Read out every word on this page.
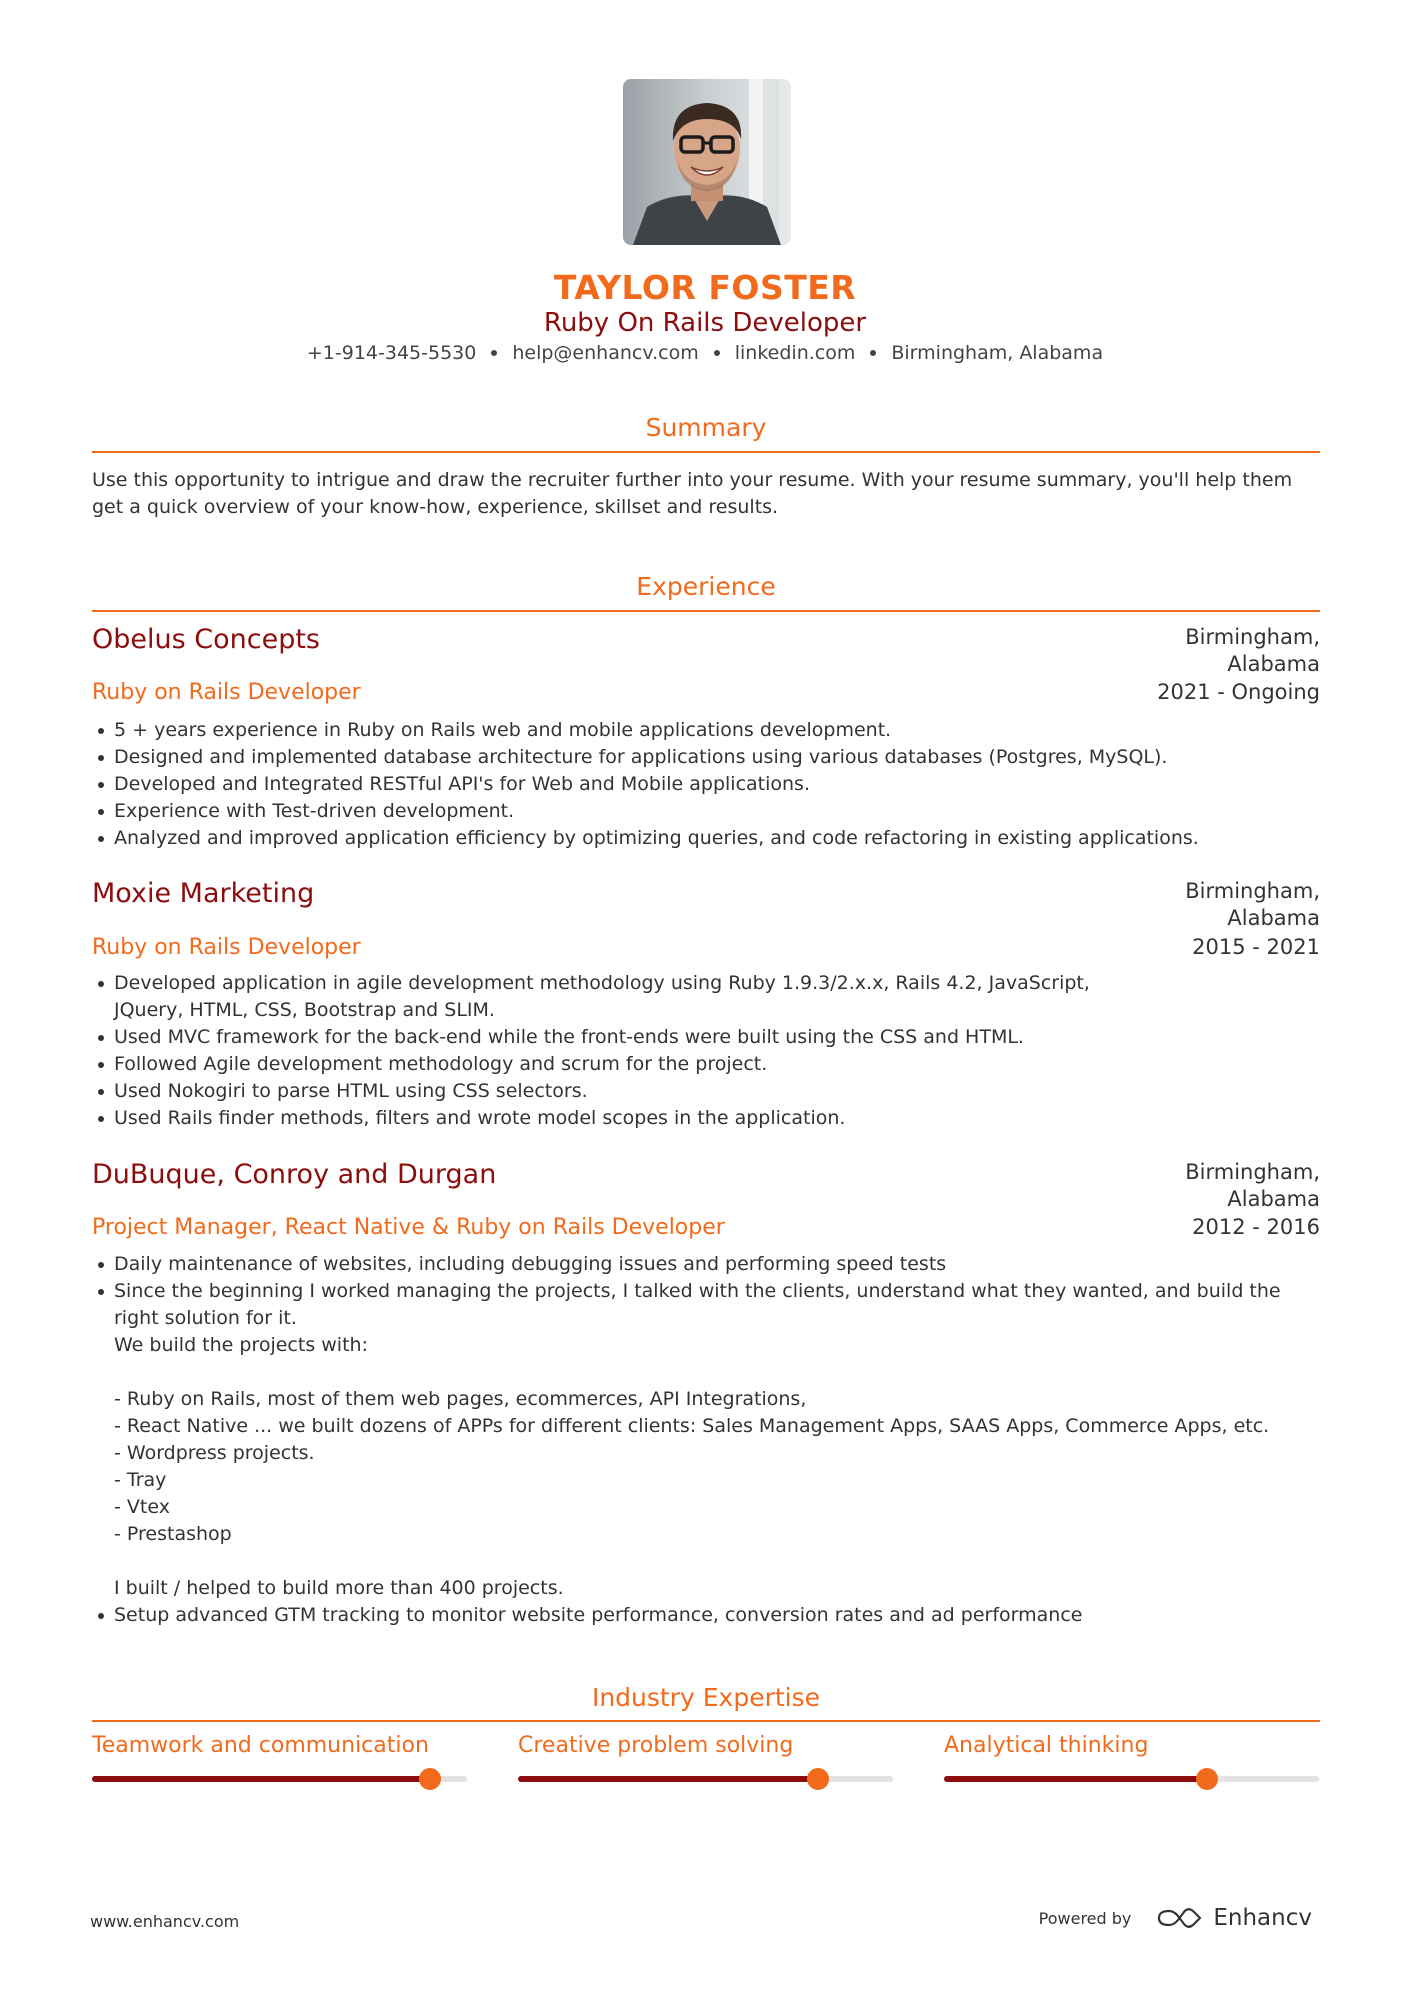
TAYLOR FOSTER
Ruby On Rails Developer
+1-914-345-5530 help@enhancv.com linkedin.com Birmingham, Alabama
Summary
Use this opportunity to intrigue and draw the recruiter further into your resume. With your resume summary, you'll help them get a quick overview of your know-how, experience, skillset and results.
Experience
Obelus Concepts	Birmingham, Alabama
Ruby on Rails Developer	2021 - Ongoing
5 + years experience in Ruby on Rails web and mobile applications development.
Designed and implemented database architecture for applications using various databases (Postgres, MySQL).
Developed and Integrated RESTful API's for Web and Mobile applications.
Experience with Test-driven development.
Analyzed and improved application efficiency by optimizing queries, and code refactoring in existing applications.
Moxie Marketing	Birmingham, Alabama
Ruby on Rails Developer	2015 - 2021
Developed application in agile development methodology using Ruby 1.9.3/2.x.x, Rails 4.2, JavaScript, JQuery, HTML, CSS, Bootstrap and SLIM.
Used MVC framework for the back-end while the front-ends were built using the CSS and HTML.
Followed Agile development methodology and scrum for the project.
Used Nokogiri to parse HTML using CSS selectors.
Used Rails finder methods, filters and wrote model scopes in the application.
DuBuque, Conroy and Durgan	Birmingham, Alabama
Project Manager, React Native & Ruby on Rails Developer	2012 - 2016
Daily maintenance of websites, including debugging issues and performing speed tests
Since the beginning I worked managing the projects, I talked with the clients, understand what they wanted, and build the right solution for it.
We build the projects with:

- Ruby on Rails, most of them web pages, ecommerces, API Integrations,
- React Native ... we built dozens of APPs for different clients: Sales Management Apps, SAAS Apps, Commerce Apps, etc.
- Wordpress projects.
- Tray
- Vtex
- Prestashop

I built / helped to build more than 400 projects.
Setup advanced GTM tracking to monitor website performance, conversion rates and ad performance
Industry Expertise
Teamwork and communication	Creative problem solving	Analytical thinking
www.enhancv.com	Powered by	Enhancv
